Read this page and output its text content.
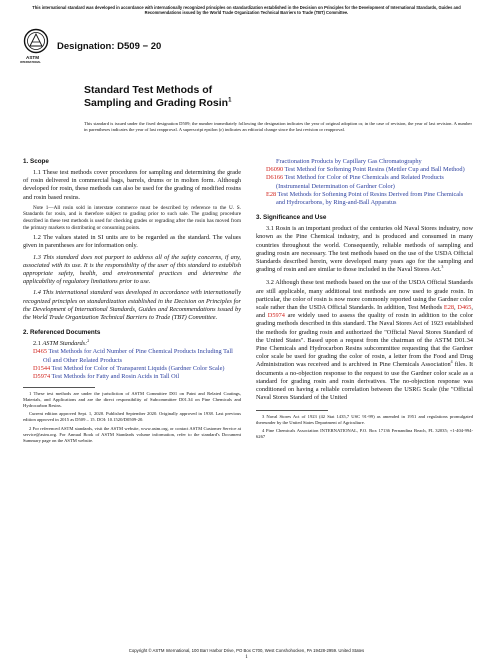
This international standard was developed in accordance with internationally recognized principles on standardization established in the Decision on Principles for the Development of International Standards, Guides and Recommendations issued by the World Trade Organization Technical Barriers to Trade (TBT) Committee.
ASTM
INTERNATIONAL
Designation: D509 − 20
Standard Test Methods of
Sampling and Grading Rosin$^1$
This standard is issued under the fixed designation D509; the number immediately following the designation indicates the year of original adoption or, in the case of revision, the year of last revision. A number in parentheses indicates the year of last reapproval. A superscript epsilon (ε) indicates an editorial change since the last revision or reapproval.
1. Scope

1.1 These test methods cover procedures for sampling and determining the grade of rosin delivered in commercial bags, barrels, drums or in molten form. Although developed for rosin, these methods can also be used for the grading of modified rosins and rosin based resins.

Note 1—All rosin sold in interstate commerce must be described by reference to the U. S. Standards for rosin, and is therefore subject to grading prior to such sale. The grading procedure described in these test methods is used for checking grades or regrading after the rosin has moved from the primary markets to distributing or consuming points.

1.2 The values stated in SI units are to be regarded as the standard. The values given in parentheses are for information only.

1.3 This standard does not purport to address all of the safety concerns, if any, associated with its use. It is the responsibility of the user of this standard to establish appropriate safety, health, and environmental practices and determine the applicability of regulatory limitations prior to use.

1.4 This international standard was developed in accordance with internationally recognized principles on standardization established in the Decision on Principles for the Development of International Standards, Guides and Recommendations issued by the World Trade Organization Technical Barriers to Trade (TBT) Committee.

2. Referenced Documents

2.1 ASTM Standards:$^2$

D465 Test Methods for Acid Number of Pine Chemical Products Including Tall Oil and Other Related Products

D1544 Test Method for Color of Transparent Liquids (Gardner Color Scale)

D5974 Test Methods for Fatty and Rosin Acids in Tall Oil

1 These test methods are under the jurisdiction of ASTM Committee D01 on Paint and Related Coatings, Materials, and Applications and are the direct responsibility of Subcommittee D01.34 on Pine Chemicals and Hydrocarbon Resins.

Current edition approved Sept. 1, 2020. Published September 2020. Originally approved in 1938. Last previous edition approved in 2015 as D509 – 15. DOI: 10.1520/D0509-20.

2 For referenced ASTM standards, visit the ASTM website, www.astm.org, or contact ASTM Customer Service at service@astm.org. For Annual Book of ASTM Standards volume information, refer to the standard's Document Summary page on the ASTM website.

Fractionation Products by Capillary Gas Chromatography

D6090 Test Method for Softening Point Resins (Mettler Cup and Ball Method)

D6166 Test Method for Color of Pine Chemicals and Related Products (Instrumental Determination of Gardner Color)

E28 Test Methods for Softening Point of Resins Derived from Pine Chemicals and Hydrocarbons, by Ring-and-Ball Apparatus

3. Significance and Use

3.1 Rosin is an important product of the centuries old Naval Stores industry, now known as the Pine Chemical industry, and is produced and consumed in many countries throughout the world. Consequently, reliable methods of sampling and grading rosin are necessary. The test methods based on the use of the USDA Official Standards described herein, were developed many years ago for the sampling and grading of rosin and are similar to those included in the Naval Stores Act.$^3$

3.2 Although these test methods based on the use of the USDA Official Standards are still applicable, many additional test methods are now used to grade rosin. In particular, the color of rosin is now more commonly reported using the Gardner color scale rather than the USDA Official Standards. In addition, Test Methods E28, D465, and D5974 are widely used to assess the quality of rosin in addition to the color grading methods described in this standard. The Naval Stores Act of 1923 established the methods for grading rosin and authorized the "Official Naval Stores Standard of the United States". Based upon a request from the chairman of the ASTM D01.34 Pine Chemicals and Hydrocarbon Resins subcommittee requesting that the Gardner color scale be used for grading the color of rosin, a letter from the Food and Drug Administration was received and is archived in Pine Chemicals Association$^4$ files. It documents a no-objection response to the request to use the Gardner color scale as a standard for grading rosin and rosin derivatives. The no-objection response was conditioned on having a reliable correlation between the USRG Scale (the "Official Naval Stores Standard of the United

3 Naval Stores Act of 1923 (42 Stat 1435,7 USC 91-99) as amended in 1951 and regulations promulgated thereunder by the United States Department of Agriculture.

4 Pine Chemicals Association INTERNATIONAL, P.O. Box 17136 Fernandina Beach, FL 32035; +1-404-994-6267

Copyright © ASTM International, 100 Barr Harbor Drive, PO Box C700, West Conshohocken, PA 19428-2959. United States
1
